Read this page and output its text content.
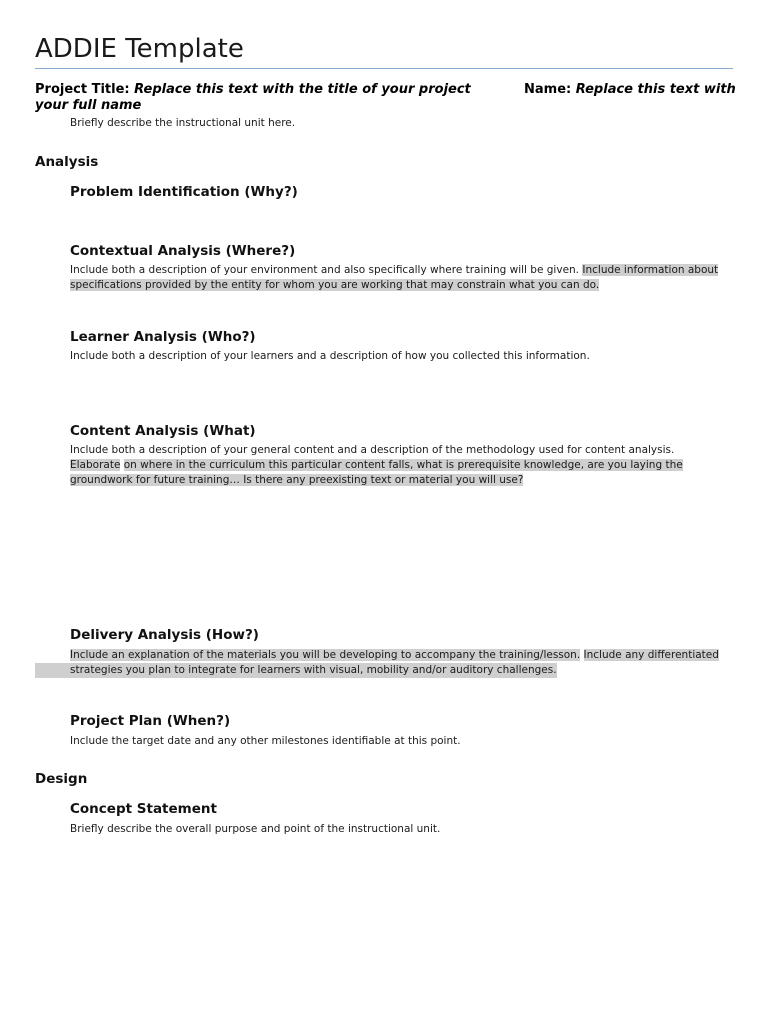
ADDIE Template
Project Title: Replace this text with the title of your project	Name: Replace this text with
your full name
Briefly describe the instructional unit here.
Analysis
Problem Identification (Why?)
Contextual Analysis (Where?)
Include both a description of your environment and also specifically where training will be given. Include information about
specifications provided by the entity for whom you are working that may constrain what you can do.
Learner Analysis (Who?)
Include both a description of your learners and a description of how you collected this information.
Content Analysis (What)
Include both a description of your general content and a description of the methodology used for content analysis.
Elaborate on where in the curriculum this particular content falls, what is prerequisite knowledge, are you laying the
groundwork for future training… Is there any preexisting text or material you will use?
Delivery Analysis (How?)
Include an explanation of the materials you will be developing to accompany the training/lesson. Include any differentiated
strategies you plan to integrate for learners with visual, mobility and/or auditory challenges.
Project Plan (When?)
Include the target date and any other milestones identifiable at this point.
Design
Concept Statement
Briefly describe the overall purpose and point of the instructional unit.
